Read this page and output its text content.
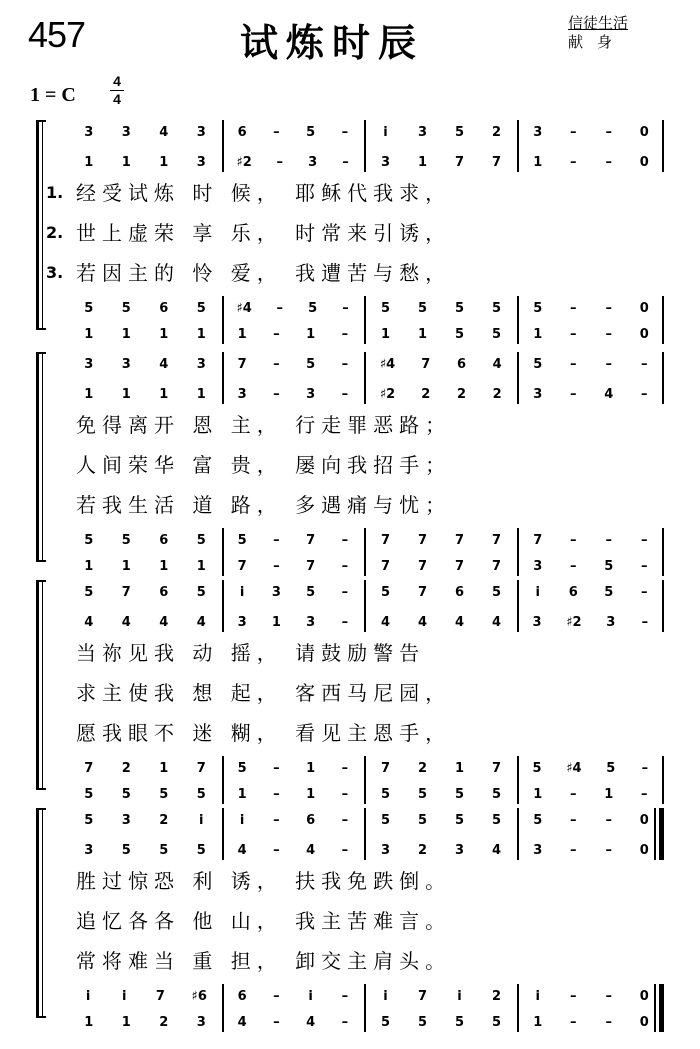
457	试炼时辰	信徒生活
献身
1 = C
4
4
3 3 4 3 6 – 5 –	i 3 5 2 3 – – 0
1 1 1 3 ♯2 – 3 – 3 1 7 7 1 – – 0
5 5 6 5 ♯4 – 5 – 5 5 5 5 5 – – 0
1 1 1 1 1 – 1 –	1 1 5 5 1 – – 0
1. 经受试炼 时 候， 耶稣代我求，
2. 世上虚荣 享 乐， 时常来引诱，
3. 若因主的 怜 爱， 我遭苦与愁，
3 3 4 3 7 – 5 – ♯4 7 6 4 5 – – –
1 1 1 1 3 – 3 – ♯2 2 2 2 3 – 4 –
5 5 6 5 5 – 7 –	7 7 7 7 7 – – –
1 1 1 1 7 – 7 –	7 7 7 7 3 – 5 –
免得离开 恩 主， 行走罪恶路；
人间荣华 富 贵， 屡向我招手；
若我生活 道 路， 多遇痛与忧；
5 7 6 5	i 3 5 –	5 7 6 5	i 6 5 –
4 4 4 4 3 1 3 –	4 4 4 4 3 ♯2 3 –
7 2 1 7 5 – 1 –	7 2 1 7 5 ♯4 5 –
5 5 5 5 1 – 1 –	5 5 5 5 1 – 1 –
当祢见我 动 摇， 请鼓励警告
求主使我 想 起， 客西马尼园，
愿我眼不 迷 糊， 看见主恩手，
5 3 2 i	i – 6 –	5 5 5 5 5 – – 0
3 5 5 5 4 – 4 –	3 2 3 4 3 – – 0
i i 7 ♯6 6 – i –	i 7 i 2	i – – 0
1 1 2 3 4 – 4 –	5 5 5 5 1 – – 0
胜过惊恐 利 诱， 扶我免跌倒。
追忆各各 他 山， 我主苦难言。
常将难当 重 担， 卸交主肩头。
